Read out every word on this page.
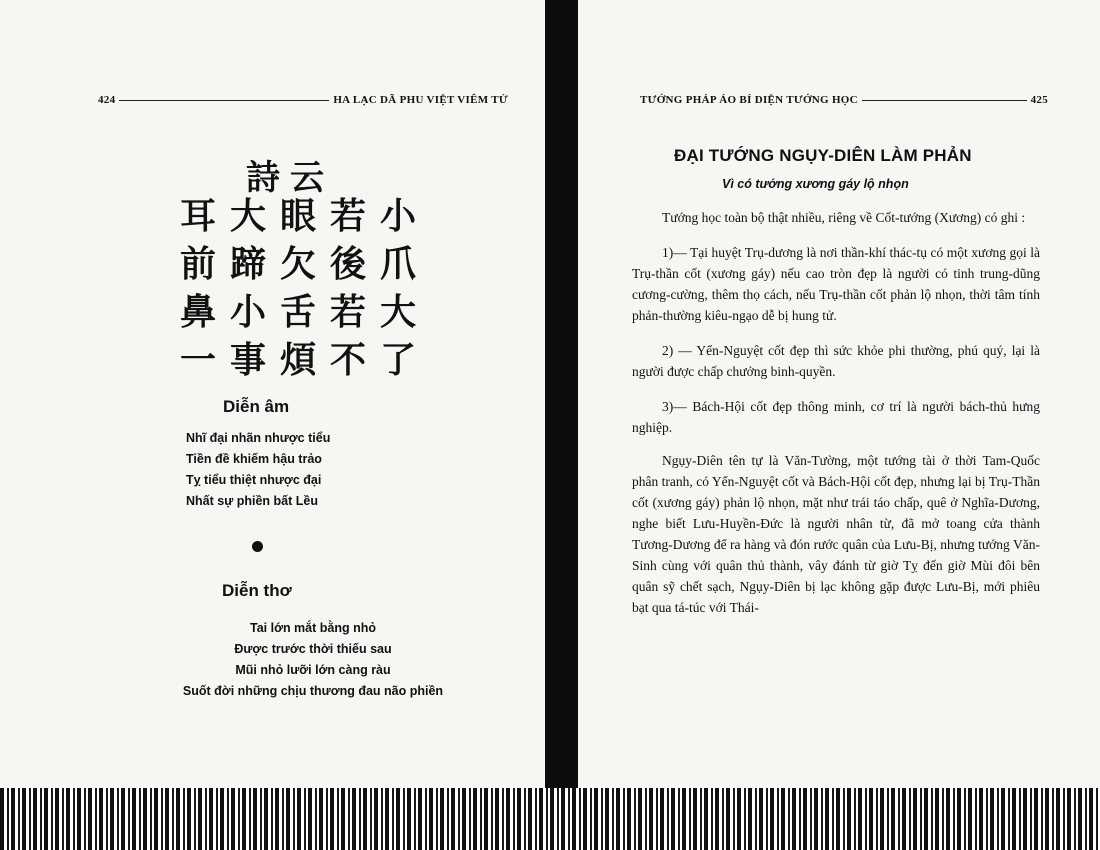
424	HA LẠC DÃ PHU VIỆT VIÊM TỬ
詩云
耳大眼若小
前蹄欠後爪
鼻小舌若大
一事煩不了
Diễn âm
Nhĩ đại nhãn nhược tiểu
Tiền đề khiếm hậu trảo
Tỵ tiểu thiệt nhược đại
Nhất sự phiền bất Lều
Diễn thơ
Tai lớn mắt bằng nhỏ
Được trước thời thiếu sau
Mũi nhỏ lưỡi lớn càng ràu
Suốt đời những chịu thương đau não phiền
TƯỚNG PHÁP ÁO BÍ DIỆN TƯỚNG HỌC	425
ĐẠI TƯỚNG NGỤY-DIÊN LÀM PHẢN
Vì có tướng xương gáy lộ nhọn

Tướng học toàn bộ thật nhiều, riêng về Cốt-tướng (Xương) có ghi :

1)— Tại huyệt Trụ-dương là nơi thần-khí thác-tụ có một xương gọi là Trụ-thần cốt (xương gáy) nếu cao tròn đẹp là người có tinh trung-dũng cương-cường, thêm thọ cách, nếu Trụ-thần cốt phản lộ nhọn, thời tâm tính phản-thường kiêu-ngạo dễ bị hung tử.

2) — Yển-Nguyệt cốt đẹp thì sức khỏe phi thường, phú quý, lại là người được chấp chưởng binh-quyền.

3)— Bách-Hội cốt đẹp thông minh, cơ trí là người bách-thủ hưng nghiệp.

Ngụy-Diên tên tự là Văn-Tường, một tướng tài ở thời Tam-Quốc phân tranh, có Yển-Nguyệt cốt và Bách-Hội cốt đẹp, nhưng lại bị Trụ-Thần cốt (xương gáy) phản lộ nhọn, mặt như trái táo chấp, quê ở Nghĩa-Dương, nghe biết Lưu-Huyền-Đức là người nhân từ, đã mở toang cửa thành Tương-Dương để ra hàng và đón rước quân của Lưu-Bị, nhưng tướng Văn-Sinh cùng với quân thủ thành, vây đánh từ giờ Tỵ đến giờ Mùi đôi bên quân sỹ chết sạch, Ngụy-Diên bị lạc không gặp được Lưu-Bị, mới phiêu bạt qua tá-túc với Thái-
